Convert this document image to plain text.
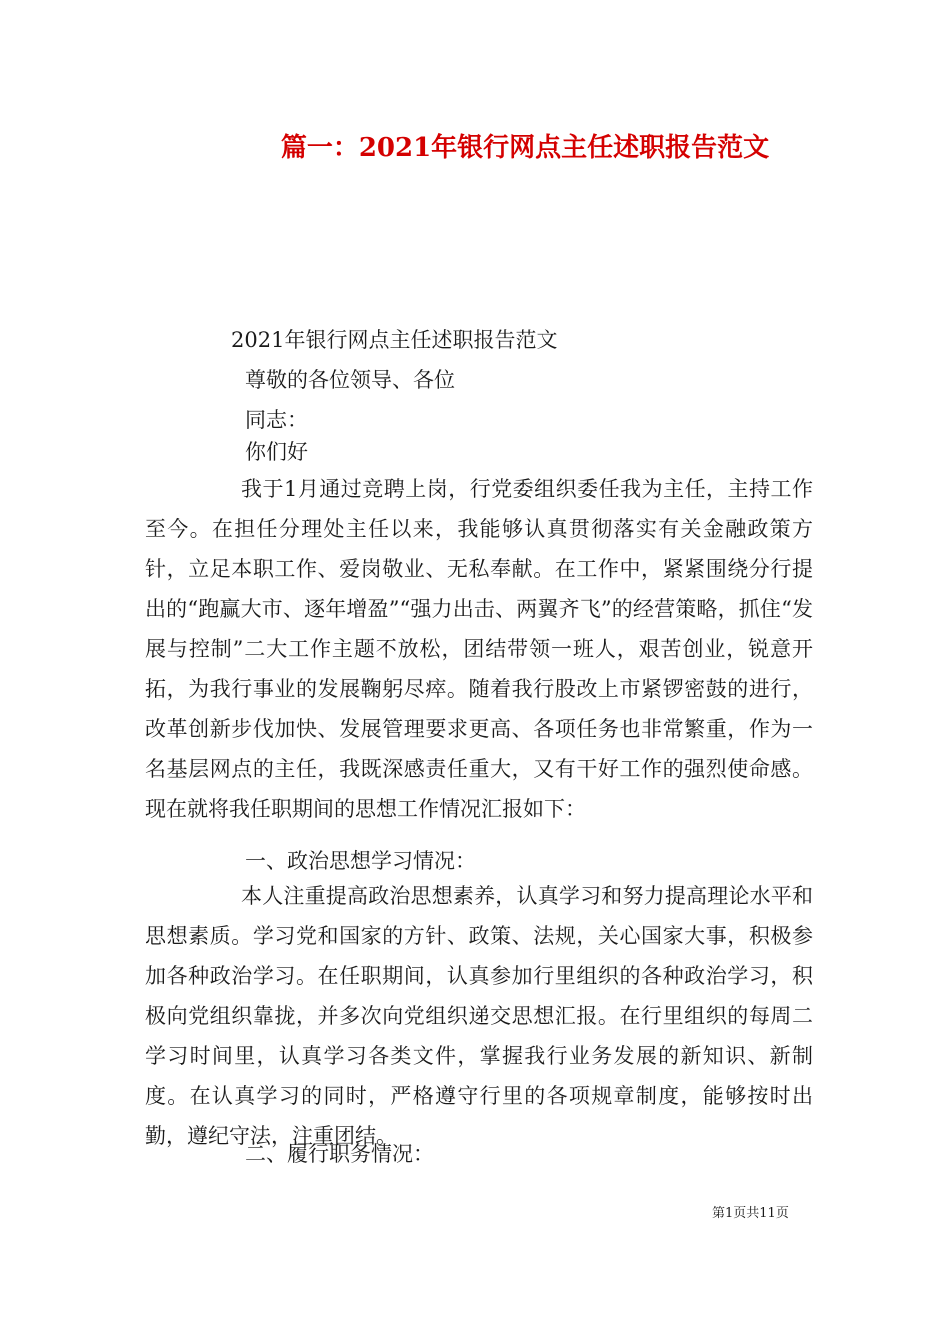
篇一：2021年银行网点主任述职报告范文
2021年银行网点主任述职报告范文
尊敬的各位领导、各位
同志：
你们好

我于1月通过竞聘上岗，行党委组织委任我为主任，主持工作至今。在担任分理处主任以来，我能够认真贯彻落实有关金融政策方针，立足本职工作、爱岗敬业、无私奉献。在工作中，紧紧围绕分行提出的“跑赢大市、逐年增盈”“强力出击、两翼齐飞”的经营策略，抓住“发展与控制”二大工作主题不放松，团结带领一班人，艰苦创业，锐意开拓，为我行事业的发展鞠躬尽瘁。随着我行股改上市紧锣密鼓的进行，改革创新步伐加快、发展管理要求更高、各项任务也非常繁重，作为一名基层网点的主任，我既深感责任重大，又有干好工作的强烈使命感。现在就将我任职期间的思想工作情况汇报如下：

一、政治思想学习情况：

本人注重提高政治思想素养，认真学习和努力提高理论水平和思想素质。学习党和国家的方针、政策、法规，关心国家大事，积极参加各种政治学习。在任职期间，认真参加行里组织的各种政治学习，积极向党组织靠拢，并多次向党组织递交思想汇报。在行里组织的每周二学习时间里，认真学习各类文件，掌握我行业务发展的新知识、新制度。在认真学习的同时，严格遵守行里的各项规章制度，能够按时出勤，遵纪守法，注重团结。

二、履行职务情况：
第1页共11页
